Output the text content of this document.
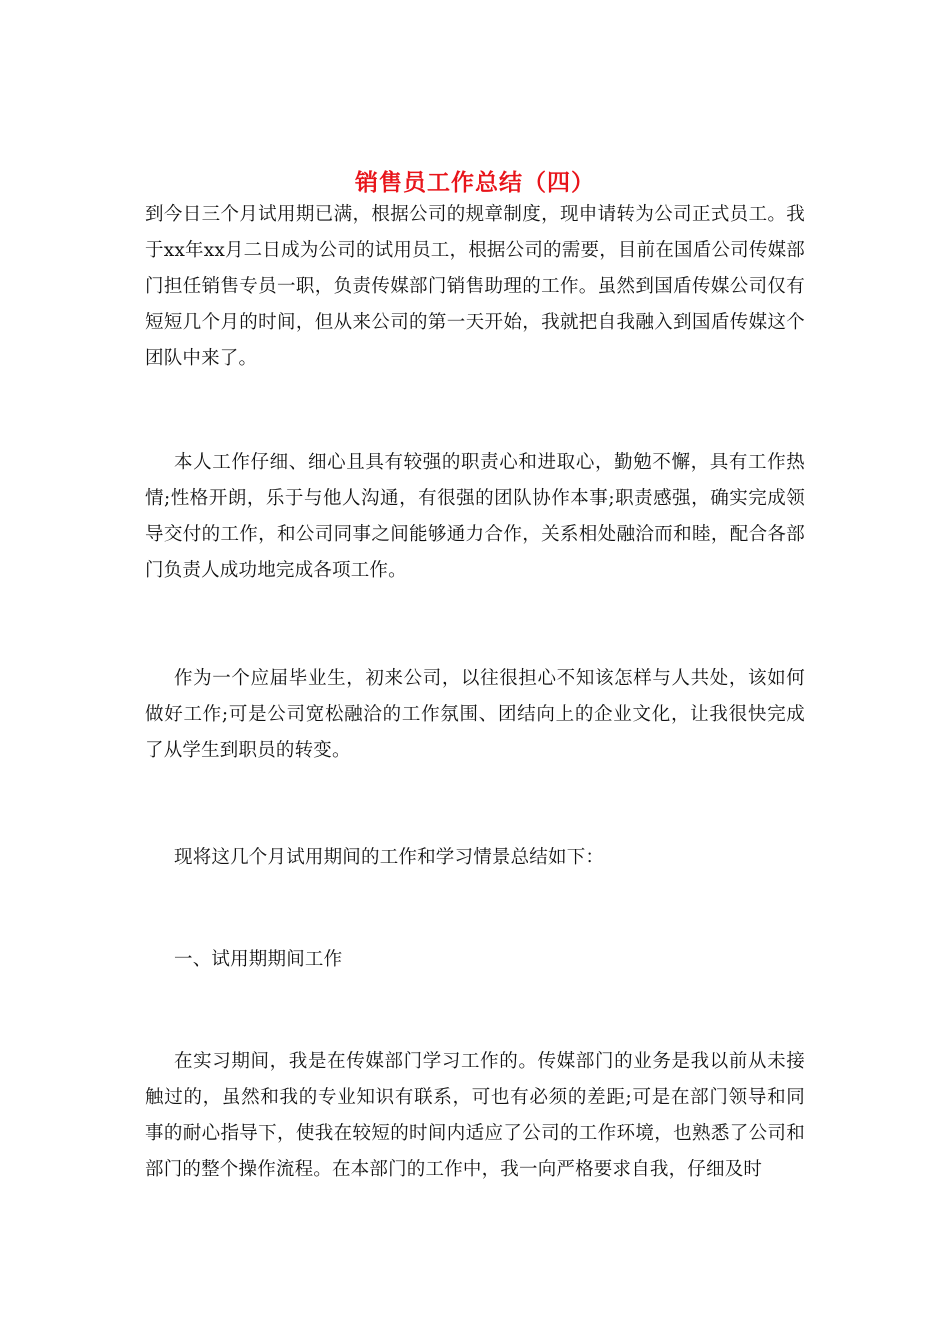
销售员工作总结（四）

到今日三个月试用期已满，根据公司的规章制度，现申请转为公司正式员工。我于xx年xx月二日成为公司的试用员工，根据公司的需要，目前在国盾公司传媒部门担任销售专员一职，负责传媒部门销售助理的工作。虽然到国盾传媒公司仅有短短几个月的时间，但从来公司的第一天开始，我就把自我融入到国盾传媒这个团队中来了。

本人工作仔细、细心且具有较强的职责心和进取心，勤勉不懈，具有工作热情;性格开朗，乐于与他人沟通，有很强的团队协作本事;职责感强，确实完成领导交付的工作，和公司同事之间能够通力合作，关系相处融洽而和睦，配合各部门负责人成功地完成各项工作。

作为一个应届毕业生，初来公司，以往很担心不知该怎样与人共处，该如何做好工作;可是公司宽松融洽的工作氛围、团结向上的企业文化，让我很快完成了从学生到职员的转变。

现将这几个月试用期间的工作和学习情景总结如下：

一、试用期期间工作

在实习期间，我是在传媒部门学习工作的。传媒部门的业务是我以前从未接触过的，虽然和我的专业知识有联系，可也有必须的差距;可是在部门领导和同事的耐心指导下，使我在较短的时间内适应了公司的工作环境，也熟悉了公司和部门的整个操作流程。在本部门的工作中，我一向严格要求自我，仔细及时
